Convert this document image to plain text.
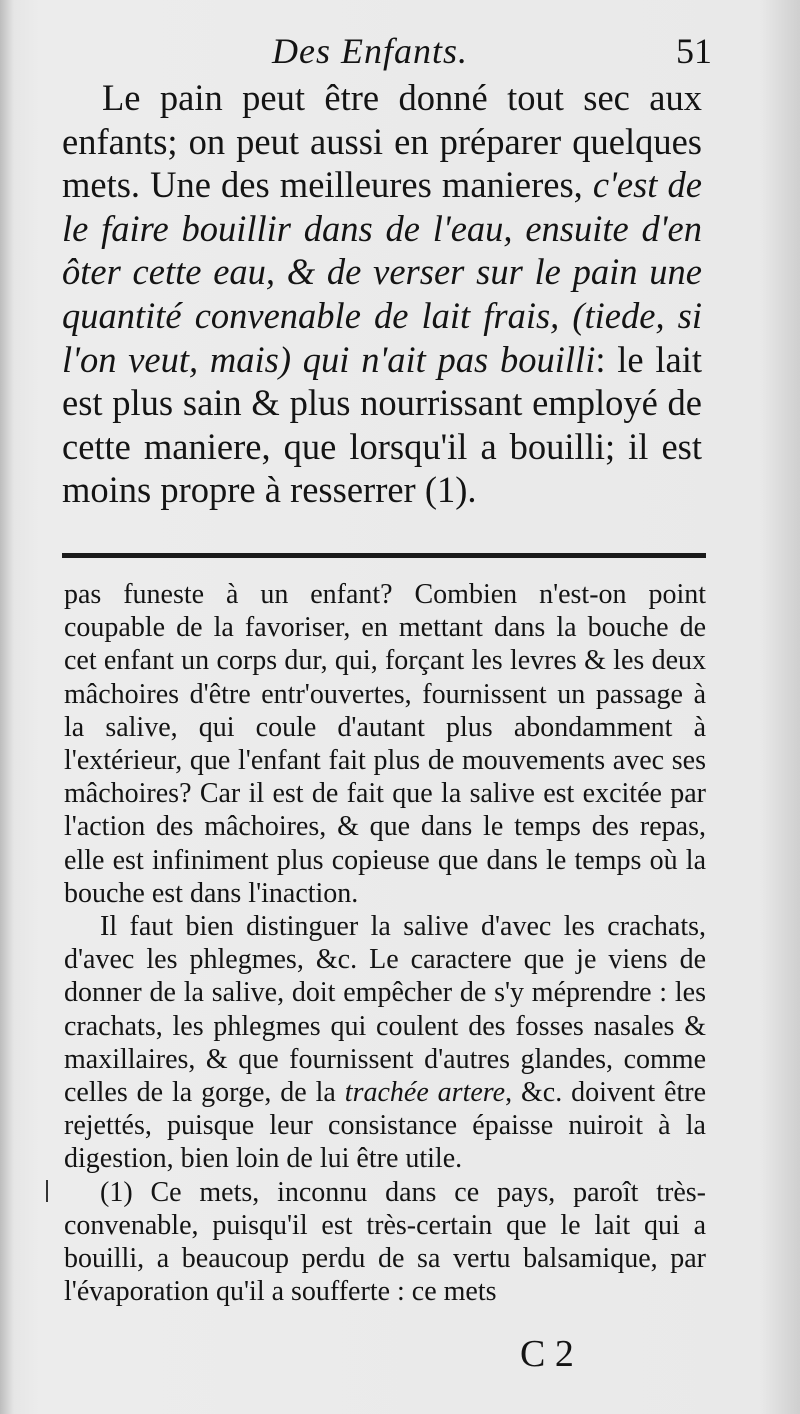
Des Enfants.	51

Le pain peut être donné tout sec aux enfants; on peut aussi en préparer quelques mets. Une des meilleures manieres, c'est de le faire bouillir dans de l'eau, ensuite d'en ôter cette eau, & de verser sur le pain une quantité convenable de lait frais, (tiede, si l'on veut, mais) qui n'ait pas bouilli: le lait est plus sain & plus nourrissant employé de cette maniere, que lorsqu'il a bouilli; il est moins propre à resserrer (1).

pas funeste à un enfant? Combien n'est-on point coupable de la favoriser, en mettant dans la bouche de cet enfant un corps dur, qui, forçant les levres & les deux mâchoires d'être entr'ouvertes, fournissent un passage à la salive, qui coule d'autant plus abondamment à l'extérieur, que l'enfant fait plus de mouvements avec ses mâchoires? Car il est de fait que la salive est excitée par l'action des mâchoires, & que dans le temps des repas, elle est infiniment plus copieuse que dans le temps où la bouche est dans l'inaction.

Il faut bien distinguer la salive d'avec les crachats, d'avec les phlegmes, &c. Le caractere que je viens de donner de la salive, doit empêcher de s'y méprendre : les crachats, les phlegmes qui coulent des fosses nasales & maxillaires, & que fournissent d'autres glandes, comme celles de la gorge, de la trachée artere, &c. doivent être rejettés, puisque leur consistance épaisse nuiroit à la digestion, bien loin de lui être utile.

(1) Ce mets, inconnu dans ce pays, paroît très-convenable, puisqu'il est très-certain que le lait qui a bouilli, a beaucoup perdu de sa vertu balsamique, par l'évaporation qu'il a soufferte : ce mets

C 2
